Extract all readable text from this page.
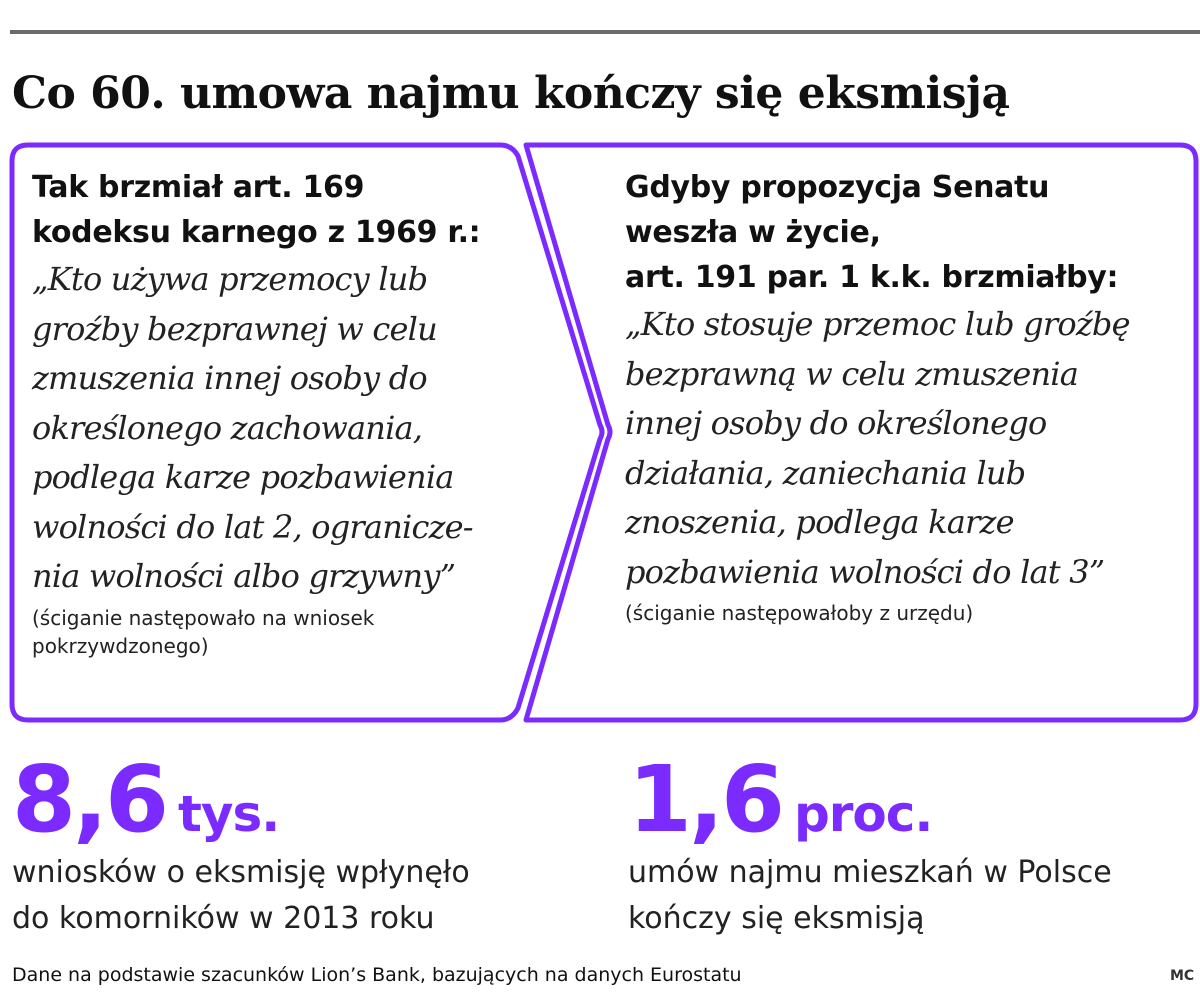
Co 60. umowa najmu kończy się eksmisją
Tak brzmiał art. 169
kodeksu karnego z 1969 r.:
„Kto używa przemocy lub
groźby bezprawnej w celu
zmuszenia innej osoby do
określonego zachowania,
podlega karze pozbawienia
wolności do lat 2, ogranicze-
nia wolności albo grzywny”
(ściganie następowało na wniosek
pokrzywdzonego)
Gdyby propozycja Senatu
weszła w życie,
art. 191 par. 1 k.k. brzmiałby:
„Kto stosuje przemoc lub groźbę
bezprawną w celu zmuszenia
innej osoby do określonego
działania, zaniechania lub
znoszenia, podlega karze
pozbawienia wolności do lat 3”
(ściganie następowałoby z urzędu)
8,6 tys.
wniosków o eksmisję wpłynęło
do komorników w 2013 roku
1,6 proc.
umów najmu mieszkań w Polsce
kończy się eksmisją

Dane na podstawie szacunków Lion’s Bank, bazujących na danych Eurostatu	MC
